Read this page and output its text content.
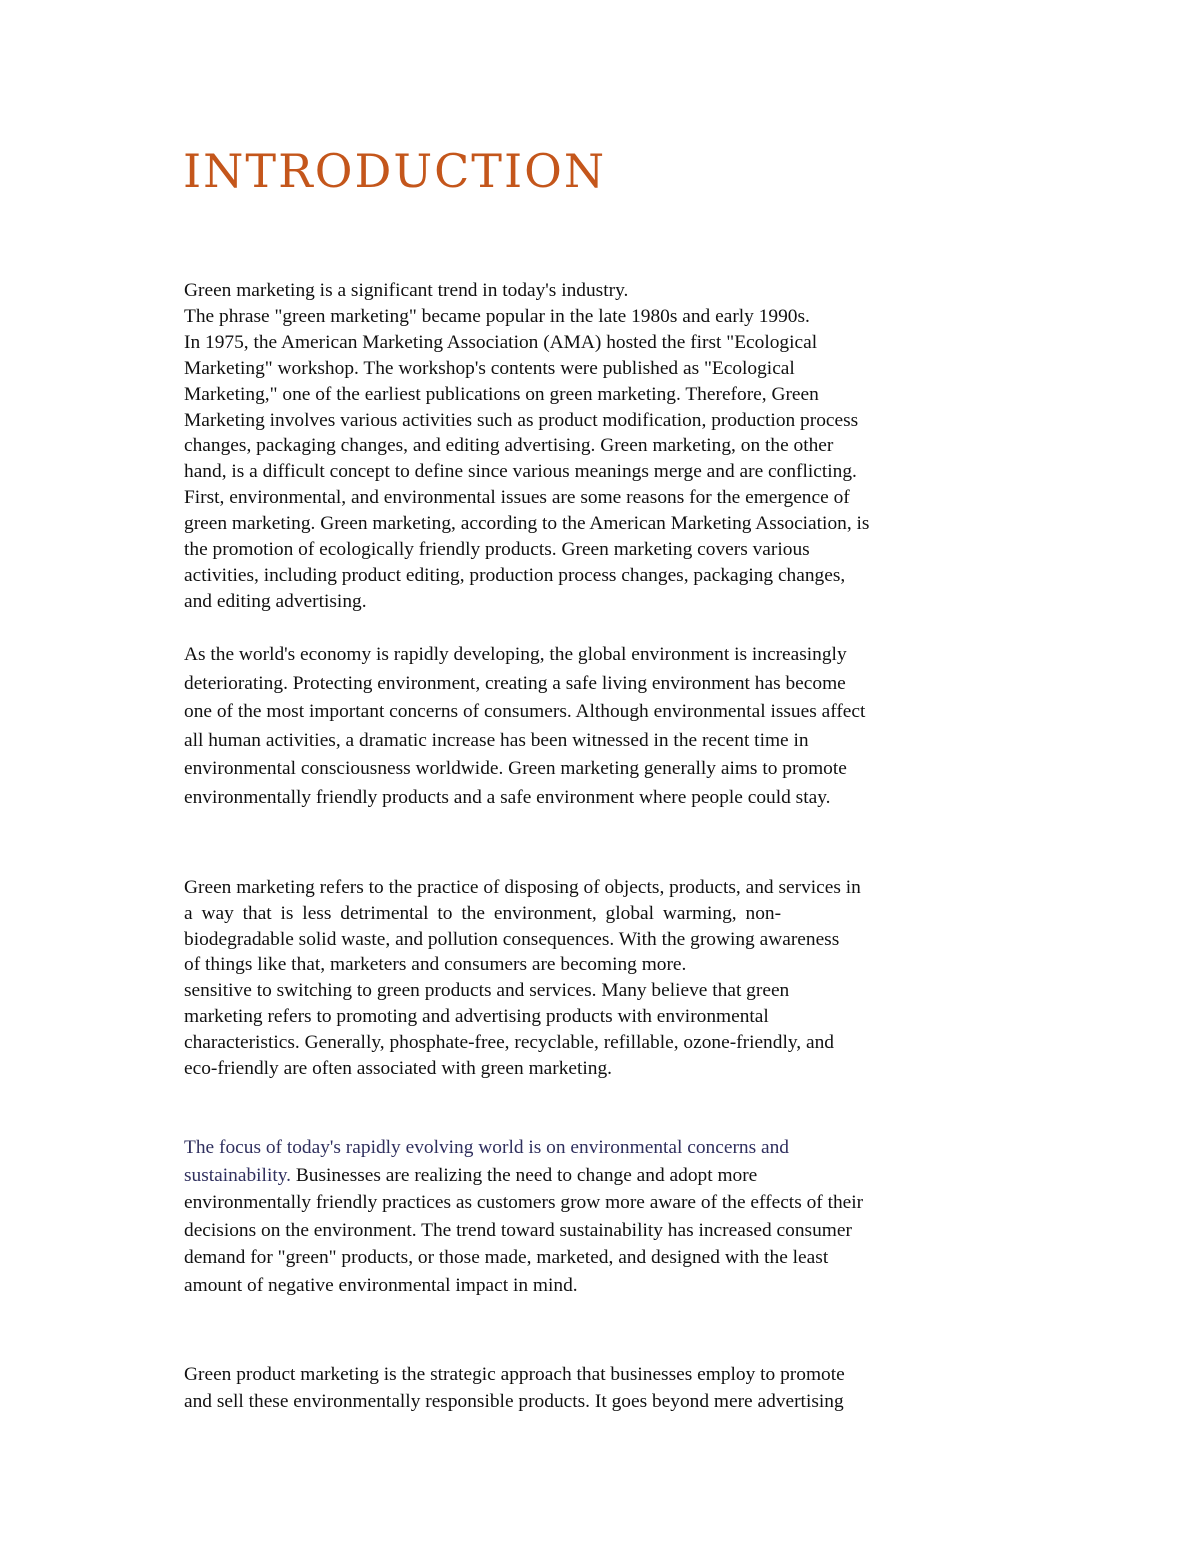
INTRODUCTION

Green marketing is a significant trend in today's industry.
The phrase "green marketing" became popular in the late 1980s and early 1990s.
In 1975, the American Marketing Association (AMA) hosted the first "Ecological
Marketing" workshop. The workshop's contents were published as "Ecological
Marketing," one of the earliest publications on green marketing. Therefore, Green
Marketing involves various activities such as product modification, production process
changes, packaging changes, and editing advertising. Green marketing, on the other
hand, is a difficult concept to define since various meanings merge and are conflicting.
First, environmental, and environmental issues are some reasons for the emergence of
green marketing. Green marketing, according to the American Marketing Association, is
the promotion of ecologically friendly products. Green marketing covers various
activities, including product editing, production process changes, packaging changes,
and editing advertising.

As the world's economy is rapidly developing, the global environment is increasingly
deteriorating. Protecting environment, creating a safe living environment has become
one of the most important concerns of consumers. Although environmental issues affect
all human activities, a dramatic increase has been witnessed in the recent time in
environmental consciousness worldwide. Green marketing generally aims to promote
environmentally friendly products and a safe environment where people could stay.

Green marketing refers to the practice of disposing of objects, products, and services in
a way that is less detrimental to the environment, global warming, non-
biodegradable solid waste, and pollution consequences. With the growing awareness
of things like that, marketers and consumers are becoming more.
sensitive to switching to green products and services. Many believe that green
marketing refers to promoting and advertising products with environmental
characteristics. Generally, phosphate-free, recyclable, refillable, ozone-friendly, and
eco-friendly are often associated with green marketing.

The focus of today's rapidly evolving world is on environmental concerns and
sustainability. Businesses are realizing the need to change and adopt more
environmentally friendly practices as customers grow more aware of the effects of their
decisions on the environment. The trend toward sustainability has increased consumer
demand for "green" products, or those made, marketed, and designed with the least
amount of negative environmental impact in mind.

Green product marketing is the strategic approach that businesses employ to promote
and sell these environmentally responsible products. It goes beyond mere advertising
